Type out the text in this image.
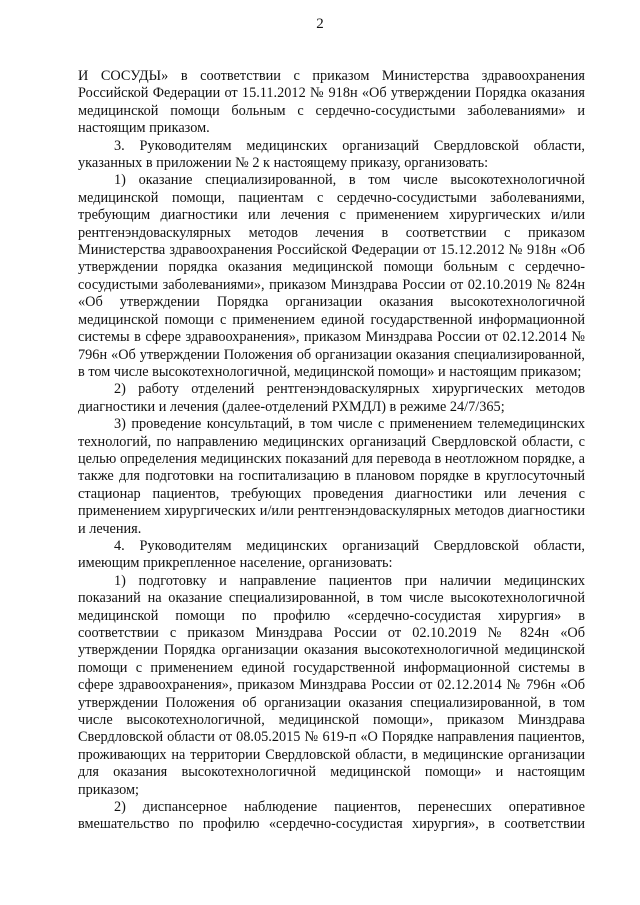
2

И СОСУДЫ» в соответствии с приказом Министерства здравоохранения Российской Федерации от 15.11.2012 № 918н «Об утверждении Порядка оказания медицинской помощи больным с сердечно-сосудистыми заболеваниями» и настоящим приказом.

3. Руководителям медицинских организаций Свердловской области, указанных в приложении № 2 к настоящему приказу, организовать:

1) оказание специализированной, в том числе высокотехнологичной медицинской помощи, пациентам с сердечно-сосудистыми заболеваниями, требующим диагностики или лечения с применением хирургических и/или рентгенэндоваскулярных методов лечения в соответствии с приказом Министерства здравоохранения Российской Федерации от 15.12.2012 № 918н «Об утверждении порядка оказания медицинской помощи больным с сердечно-сосудистыми заболеваниями», приказом Минздрава России от 02.10.2019 № 824н «Об утверждении Порядка организации оказания высокотехнологичной медицинской помощи с применением единой государственной информационной системы в сфере здравоохранения», приказом Минздрава России от 02.12.2014 № 796н «Об утверждении Положения об организации оказания специализированной, в том числе высокотехнологичной, медицинской помощи» и настоящим приказом;

2) работу отделений рентгенэндоваскулярных хирургических методов диагностики и лечения (далее-отделений РХМДЛ) в режиме 24/7/365;

3) проведение консультаций, в том числе с применением телемедицинских технологий, по направлению медицинских организаций Свердловской области, с целью определения медицинских показаний для перевода в неотложном порядке, а также для подготовки на госпитализацию в плановом порядке в круглосуточный стационар пациентов, требующих проведения диагностики или лечения с применением хирургических и/или рентгенэндоваскулярных методов диагностики и лечения.

4. Руководителям медицинских организаций Свердловской области, имеющим прикрепленное население, организовать:

1) подготовку и направление пациентов при наличии медицинских показаний на оказание специализированной, в том числе высокотехнологичной медицинской помощи по профилю «сердечно-сосудистая хирургия» в соответствии с приказом Минздрава России от 02.10.2019 № 824н «Об утверждении Порядка организации оказания высокотехнологичной медицинской помощи с применением единой государственной информационной системы в сфере здравоохранения», приказом Минздрава России от 02.12.2014 № 796н «Об утверждении Положения об организации оказания специализированной, в том числе высокотехнологичной, медицинской помощи», приказом Минздрава Свердловской области от 08.05.2015 № 619-п «О Порядке направления пациентов, проживающих на территории Свердловской области, в медицинские организации для оказания высокотехнологичной медицинской помощи» и настоящим приказом;

2) диспансерное наблюдение пациентов, перенесших оперативное вмешательство по профилю «сердечно-сосудистая хирургия», в соответствии
